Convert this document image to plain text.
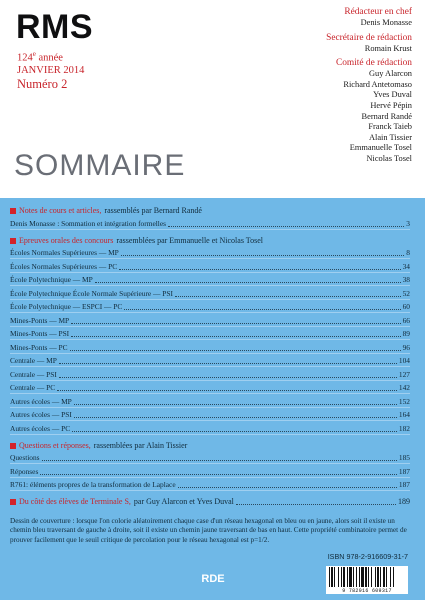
RMS
124e année
JANVIER 2014
Numéro 2
Rédacteur en chef
Denis Monasse
Secrétaire de rédaction
Romain Krust
Comité de rédaction
Guy Alarcon
Richard Antetomaso
Yves Duval
Hervé Pépin
Bernard Randé
Franck Taieb
Alain Tissier
Emmanuelle Tosel
Nicolas Tosel
SOMMAIRE
Notes de cours et articles, rassemblés par Bernard Randé
Denis Monasse : Sommation et intégration formelles	3
Epreuves orales des concours rassemblées par Emmanuelle et Nicolas Tosel
Écoles Normales Supérieures — MP	8
Écoles Normales Supérieures — PC	34
École Polytechnique — MP	38
École Polytechnique École Normale Supérieure — PSI	52
École Polytechnique — ESPCI — PC	60
Mines-Ponts — MP	66
Mines-Ponts — PSI	89
Mines-Ponts — PC	96
Centrale — MP	104
Centrale — PSI	127
Centrale — PC	142
Autres écoles — MP	152
Autres écoles — PSI	164
Autres écoles — PC	182
Questions et réponses, rassemblées par Alain Tissier
Questions	185
Réponses	187
R761: éléments propres de la transformation de Laplace	187
Du côté des élèves de Terminale S, par Guy Alarcon et Yves Duval	189
Dessin de couverture : lorsque l'on colorie aléatoirement chaque case d'un réseau hexagonal en bleu ou en jaune, alors soit il existe un chemin bleu traversant de gauche à droite, soit il existe un chemin jaune traversant de bas en haut. Cette propriété combinatoire permet de prouver facilement que le seuil critique de percolation pour le réseau hexagonal est p=1/2.
ISBN 978-2-916609-31-7
RDE
9 782916 609317
